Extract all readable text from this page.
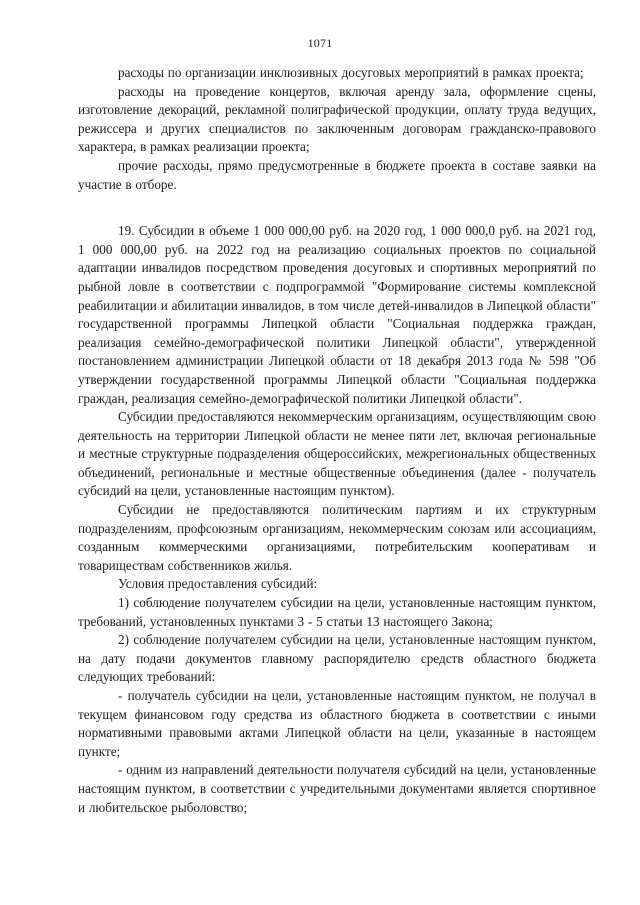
1071

расходы по организации инклюзивных досуговых мероприятий в рамках проекта;

расходы на проведение концертов, включая аренду зала, оформление сцены, изготовление декораций, рекламной полиграфической продукции, оплату труда ведущих, режиссера и других специалистов по заключенным договорам гражданско-правового характера, в рамках реализации проекта;

прочие расходы, прямо предусмотренные в бюджете проекта в составе заявки на участие в отборе.

19. Субсидии в объеме 1 000 000,00 руб. на 2020 год, 1 000 000,0 руб. на 2021 год, 1 000 000,00 руб. на 2022 год на реализацию социальных проектов по социальной адаптации инвалидов посредством проведения досуговых и спортивных мероприятий по рыбной ловле в соответствии с подпрограммой "Формирование системы комплексной реабилитации и абилитации инвалидов, в том числе детей-инвалидов в Липецкой области" государственной программы Липецкой области "Социальная поддержка граждан, реализация семейно-демографической политики Липецкой области", утвержденной постановлением администрации Липецкой области от 18 декабря 2013 года № 598 "Об утверждении государственной программы Липецкой области "Социальная поддержка граждан, реализация семейно-демографической политики Липецкой области".

Субсидии предоставляются некоммерческим организациям, осуществляющим свою деятельность на территории Липецкой области не менее пяти лет, включая региональные и местные структурные подразделения общероссийских, межрегиональных общественных объединений, региональные и местные общественные объединения (далее - получатель субсидий на цели, установленные настоящим пунктом).

Субсидии не предоставляются политическим партиям и их структурным подразделениям, профсоюзным организациям, некоммерческим союзам или ассоциациям, созданным коммерческими организациями, потребительским кооперативам и товариществам собственников жилья.

Условия предоставления субсидий:

1) соблюдение получателем субсидии на цели, установленные настоящим пунктом, требований, установленных пунктами 3 - 5 статьи 13 настоящего Закона;

2) соблюдение получателем субсидии на цели, установленные настоящим пунктом, на дату подачи документов главному распорядителю средств областного бюджета следующих требований:

- получатель субсидии на цели, установленные настоящим пунктом, не получал в текущем финансовом году средства из областного бюджета в соответствии с иными нормативными правовыми актами Липецкой области на цели, указанные в настоящем пункте;

- одним из направлений деятельности получателя субсидий на цели, установленные настоящим пунктом, в соответствии с учредительными документами является спортивное и любительское рыболовство;
